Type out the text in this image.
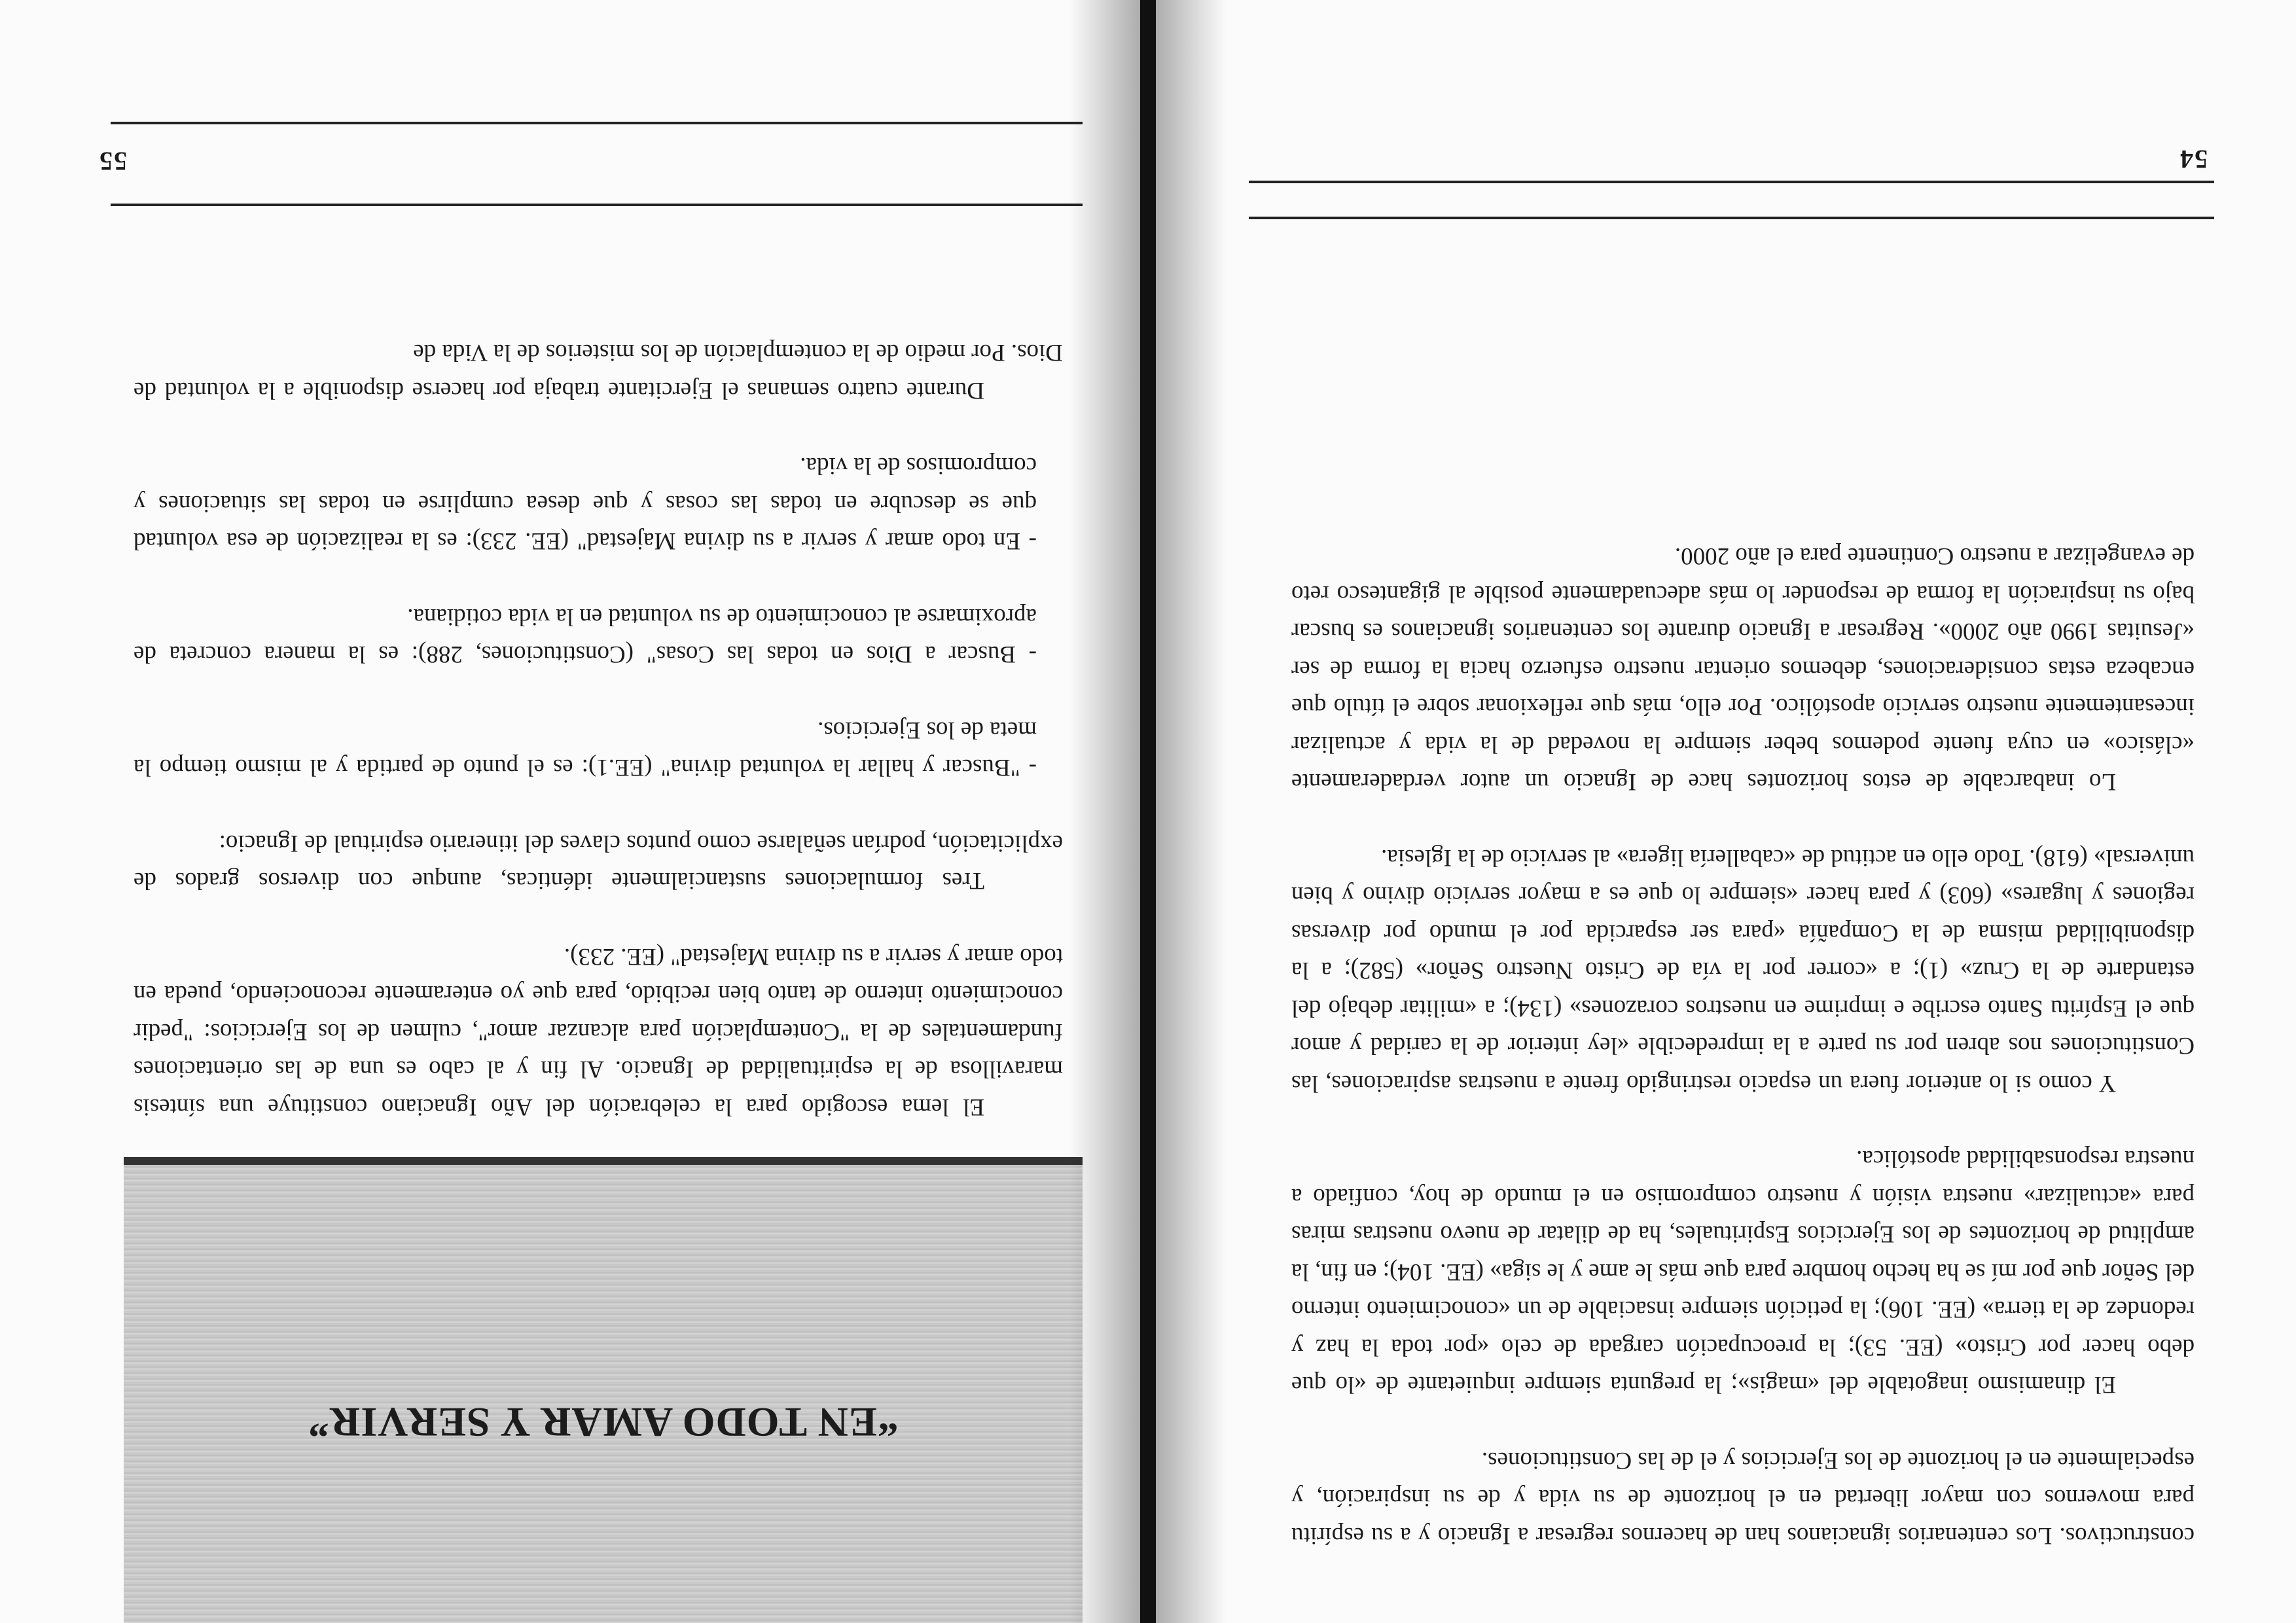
54

constructivos. Los centenarios ignacianos han de hacernos regresar a Ignacio y a su espíritu para movernos con mayor libertad en el horizonte de su vida y de su inspiración, y especialmente en el horizonte de los Ejercicios y el de las Constituciones.

El dinamismo inagotable del «magis»; la pregunta siempre inquietante de «lo que debo hacer por Cristo» (EE. 53); la preocupación cargada de celo «por toda la haz y redondez de la tierra» (EE. 106); la petición siempre insaciable de un «conocimiento interno del Señor que por mí se ha hecho hombre para que más le ame y le siga» (EE. 104); en fin, la amplitud de horizontes de los Ejercicios Espirituales, ha de dilatar de nuevo nuestras miras para «actualizar» nuestra visión y nuestro compromiso en el mundo de hoy, confiado a nuestra responsabilidad apostólica.

Y como si lo anterior fuera un espacio restringido frente a nuestras aspiraciones, las Constituciones nos abren por su parte a la impredecible «ley interior de la caridad y amor que el Espíritu Santo escribe e imprime en nuestros corazones» (134); a «militar debajo del estandarte de la Cruz» (1); a «correr por la vía de Cristo Nuestro Señor» (582); a la disponibilidad misma de la Compañía «para ser esparcida por el mundo por diversas regiones y lugares» (603) y para hacer «siempre lo que es a mayor servicio divino y bien universal» (618). Todo ello en actitud de «caballería ligera» al servicio de la Iglesia.

Lo inabarcable de estos horizontes hace de Ignacio un autor verdaderamente «clásico» en cuya fuente podemos beber siempre la novedad de la vida y actualizar incesantemente nuestro servicio apostólico. Por ello, más que reflexionar sobre el título que encabeza estas consideraciones, debemos orientar nuestro esfuerzo hacia la forma de ser «Jesuitas 1990 año 2000». Regresar a Ignacio durante los centenarios ignacianos es buscar bajo su inspiración la forma de responder lo más adecuadamente posible al gigantesco reto de evangelizar a nuestro Continente para el año 2000.

55
“EN TODO AMAR Y SERVIR”

El lema escogido para la celebración del Año Ignaciano constituye una síntesis maravillosa de la espiritualidad de Ignacio. Al fin y al cabo es una de las orientaciones fundamentales de la "Contemplación para alcanzar amor", culmen de los Ejercicios: "pedir conocimiento interno de tanto bien recibido, para que yo enteramente reconociendo, pueda en todo amar y servir a su divina Majestad" (EE. 233).

Tres formulaciones sustancialmente idénticas, aunque con diversos grados de explicitación, podrían señalarse como puntos claves del itinerario espiritual de Ignacio:

- "Buscar y hallar la voluntad divina" (EE.1): es el punto de partida y al mismo tiempo la meta de los Ejercicios.

- Buscar a Dios en todas las Cosas" (Constituciones, 288): es la manera concreta de aproximarse al conocimiento de su voluntad en la vida cotidiana.

- En todo amar y servir a su divina Majestad" (EE. 233): es la realización de esa voluntad que se descubre en todas las cosas y que desea cumplirse en todas las situaciones y compromisos de la vida.

Durante cuatro semanas el Ejercitante trabaja por hacerse disponible a la voluntad de Dios. Por medio de la contemplación de los misterios de la Vida de
